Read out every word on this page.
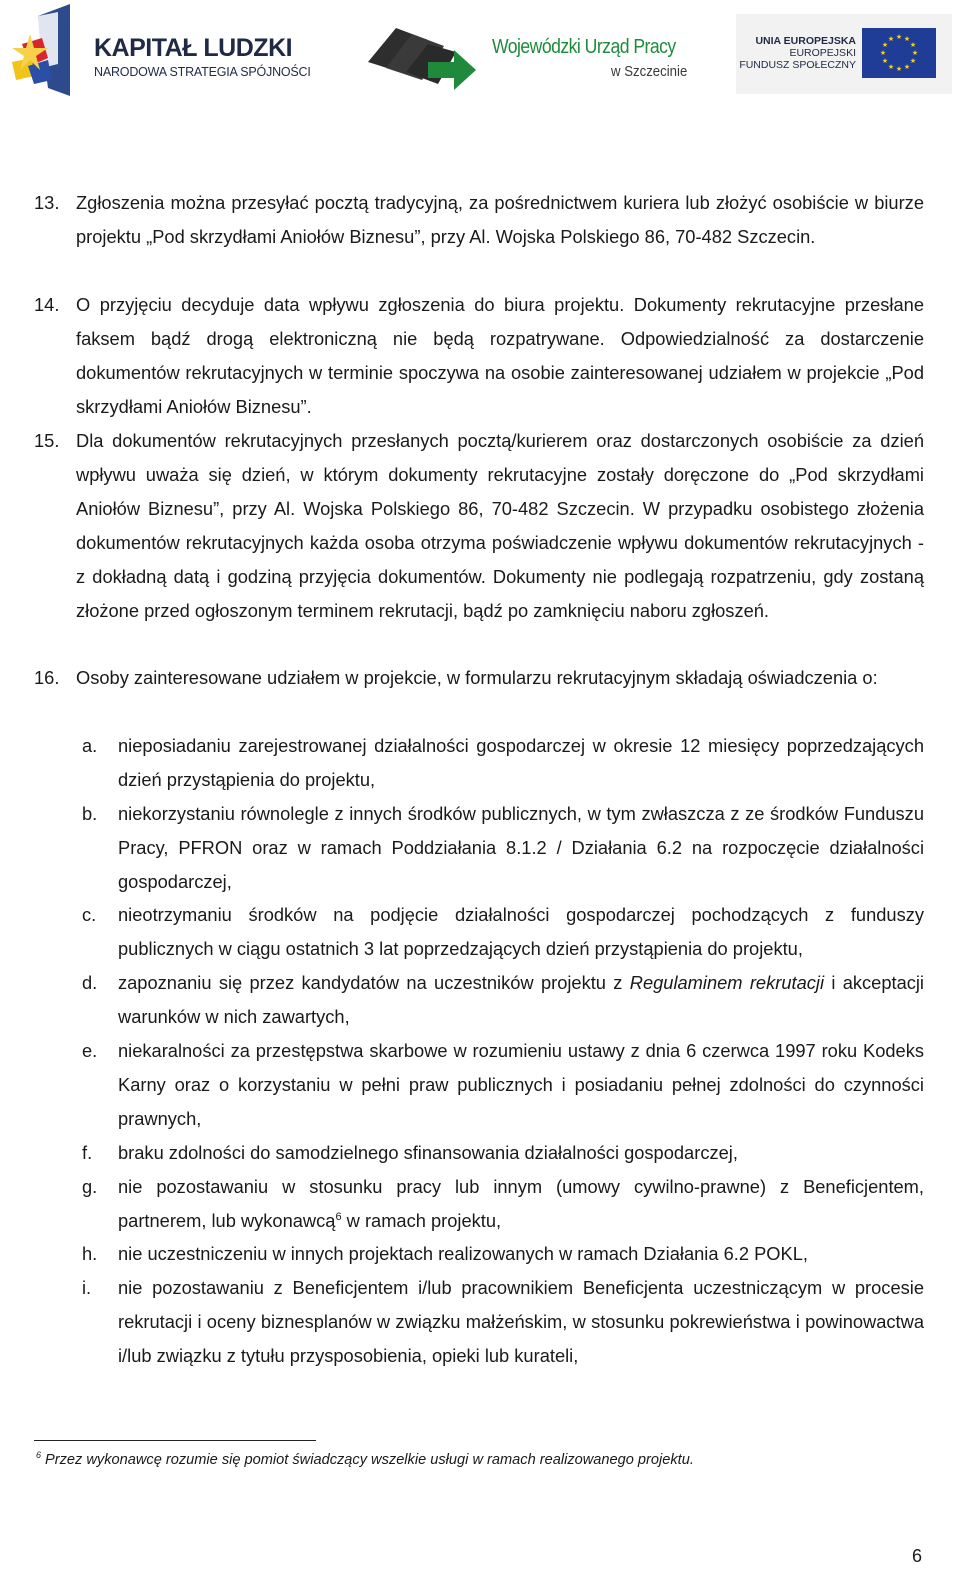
KAPITAŁ LUDZKI
NARODOWA STRATEGIA SPÓJNOŚCI
Wojewódzki Urząd Pracy
w Szczecinie
UNIA EUROPEJSKA
EUROPEJSKI
FUNDUSZ SPOŁECZNY
★ ★
★
★
★
★
★
★
★
★
★
★
13. Zgłoszenia można przesyłać pocztą tradycyjną, za pośrednictwem kuriera lub złożyć osobiście w biurze projektu „Pod skrzydłami Aniołów Biznesu”, przy Al. Wojska Polskiego 86, 70-482 Szczecin.
14. O przyjęciu decyduje data wpływu zgłoszenia do biura projektu. Dokumenty rekrutacyjne przesłane faksem bądź drogą elektroniczną nie będą rozpatrywane. Odpowiedzialność za dostarczenie dokumentów rekrutacyjnych w terminie spoczywa na osobie zainteresowanej udziałem w projekcie „Pod skrzydłami Aniołów Biznesu”.
15. Dla dokumentów rekrutacyjnych przesłanych pocztą/kurierem oraz dostarczonych osobiście za dzień wpływu uważa się dzień, w którym dokumenty rekrutacyjne zostały doręczone do „Pod skrzydłami Aniołów Biznesu”, przy Al. Wojska Polskiego 86, 70-482 Szczecin. W przypadku osobistego złożenia dokumentów rekrutacyjnych każda osoba otrzyma poświadczenie wpływu dokumentów rekrutacyjnych - z dokładną datą i godziną przyjęcia dokumentów. Dokumenty nie podlegają rozpatrzeniu, gdy zostaną złożone przed ogłoszonym terminem rekrutacji, bądź po zamknięciu naboru zgłoszeń.
16. Osoby zainteresowane udziałem w projekcie, w formularzu rekrutacyjnym składają oświadczenia o:
a. nieposiadaniu zarejestrowanej działalności gospodarczej w okresie 12 miesięcy poprzedzających dzień przystąpienia do projektu,
b. niekorzystaniu równolegle z innych środków publicznych, w tym zwłaszcza z ze środków Funduszu Pracy, PFRON oraz w ramach Poddziałania 8.1.2 / Działania 6.2 na rozpoczęcie działalności gospodarczej,
c. nieotrzymaniu środków na podjęcie działalności gospodarczej pochodzących z funduszy publicznych w ciągu ostatnich 3 lat poprzedzających dzień przystąpienia do projektu,
d. zapoznaniu się przez kandydatów na uczestników projektu z Regulaminem rekrutacji i akceptacji warunków w nich zawartych,
e. niekaralności za przestępstwa skarbowe w rozumieniu ustawy z dnia 6 czerwca 1997 roku Kodeks Karny oraz o korzystaniu w pełni praw publicznych i posiadaniu pełnej zdolności do czynności prawnych,
f. braku zdolności do samodzielnego sfinansowania działalności gospodarczej,
g. nie pozostawaniu w stosunku pracy lub innym (umowy cywilno-prawne) z Beneficjentem, partnerem, lub wykonawcą$^6$ w ramach projektu,
h. nie uczestniczeniu w innych projektach realizowanych w ramach Działania 6.2 POKL,
i. nie pozostawaniu z Beneficjentem i/lub pracownikiem Beneficjenta uczestniczącym w procesie rekrutacji i oceny biznesplanów w związku małżeńskim, w stosunku pokrewieństwa i powinowactwa i/lub związku z tytułu przysposobienia, opieki lub kurateli,
$^6$ Przez wykonawcę rozumie się pomiot świadczący wszelkie usługi w ramach realizowanego projektu.
6
